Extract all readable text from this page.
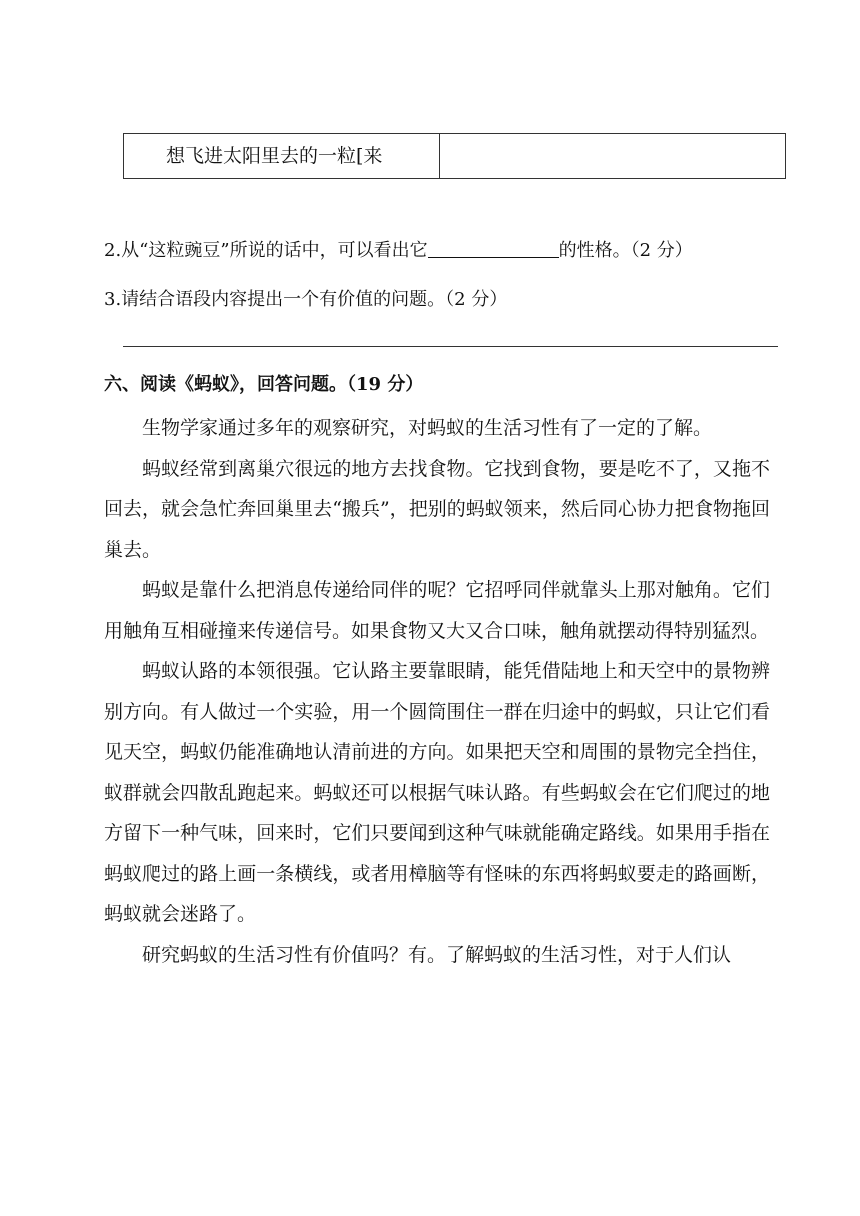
想飞进太阳里去的一粒[来
2.从“这粒豌豆”所说的话中，可以看出它	的性格。（2 分）
3.请结合语段内容提出一个有价值的问题。（2 分）
六、阅读《蚂蚁》，回答问题。（19 分）

生物学家通过多年的观察研究，对蚂蚁的生活习性有了一定的了解。

蚂蚁经常到离巢穴很远的地方去找食物。它找到食物，要是吃不了，又拖不回去，就会急忙奔回巢里去“搬兵”，把别的蚂蚁领来，然后同心协力把食物拖回巢去。

蚂蚁是靠什么把消息传递给同伴的呢？它招呼同伴就靠头上那对触角。它们用触角互相碰撞来传递信号。如果食物又大又合口味，触角就摆动得特别猛烈。

蚂蚁认路的本领很强。它认路主要靠眼睛，能凭借陆地上和天空中的景物辨别方向。有人做过一个实验，用一个圆筒围住一群在归途中的蚂蚁，只让它们看见天空，蚂蚁仍能准确地认清前进的方向。如果把天空和周围的景物完全挡住，蚁群就会四散乱跑起来。蚂蚁还可以根据气味认路。有些蚂蚁会在它们爬过的地方留下一种气味，回来时，它们只要闻到这种气味就能确定路线。如果用手指在蚂蚁爬过的路上画一条横线，或者用樟脑等有怪味的东西将蚂蚁要走的路画断，蚂蚁就会迷路了。

研究蚂蚁的生活习性有价值吗？有。了解蚂蚁的生活习性，对于人们认
